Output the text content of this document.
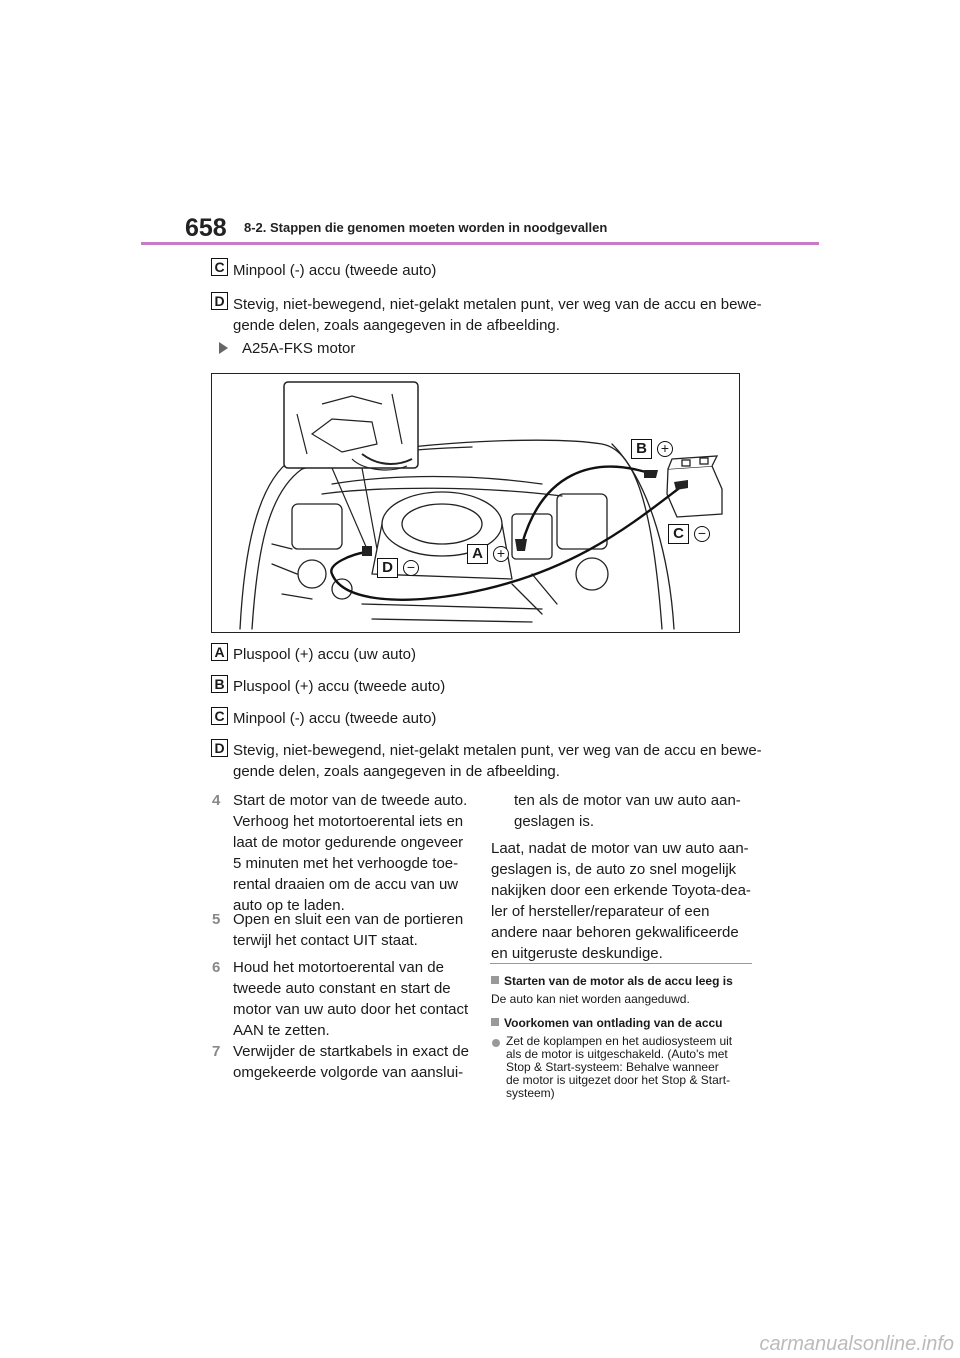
658 8-2. Stappen die genomen moeten worden in noodgevallen
C Minpool (-) accu (tweede auto)
D Stevig, niet-bewegend, niet-gelakt metalen punt, ver weg van de accu en bewe-
gende delen, zoals aangegeven in de afbeelding.
A25A-FKS motor
B +
C −
A +
D −
A Pluspool (+) accu (uw auto)
B Pluspool (+) accu (tweede auto)
C Minpool (-) accu (tweede auto)
D Stevig, niet-bewegend, niet-gelakt metalen punt, ver weg van de accu en bewe-
gende delen, zoals aangegeven in de afbeelding.
4 Start de motor van de tweede auto.
Verhoog het motortoerental iets en
laat de motor gedurende ongeveer
5 minuten met het verhoogde toe-
rental draaien om de accu van uw
auto op te laden.
5 Open en sluit een van de portieren
terwijl het contact UIT staat.
6 Houd het motortoerental van de
tweede auto constant en start de
motor van uw auto door het contact
AAN te zetten.
7 Verwijder de startkabels in exact de
omgekeerde volgorde van aanslui-
ten als de motor van uw auto aan-
geslagen is.
Laat, nadat de motor van uw auto aan-
geslagen is, de auto zo snel mogelijk
nakijken door een erkende Toyota-dea-
ler of hersteller/reparateur of een
andere naar behoren gekwalificeerde
en uitgeruste deskundige.
Starten van de motor als de accu leeg is
De auto kan niet worden aangeduwd.
Voorkomen van ontlading van de accu
Zet de koplampen en het audiosysteem uit
als de motor is uitgeschakeld. (Auto's met
Stop & Start-systeem: Behalve wanneer
de motor is uitgezet door het Stop & Start-
systeem)
carmanualsonline.info
